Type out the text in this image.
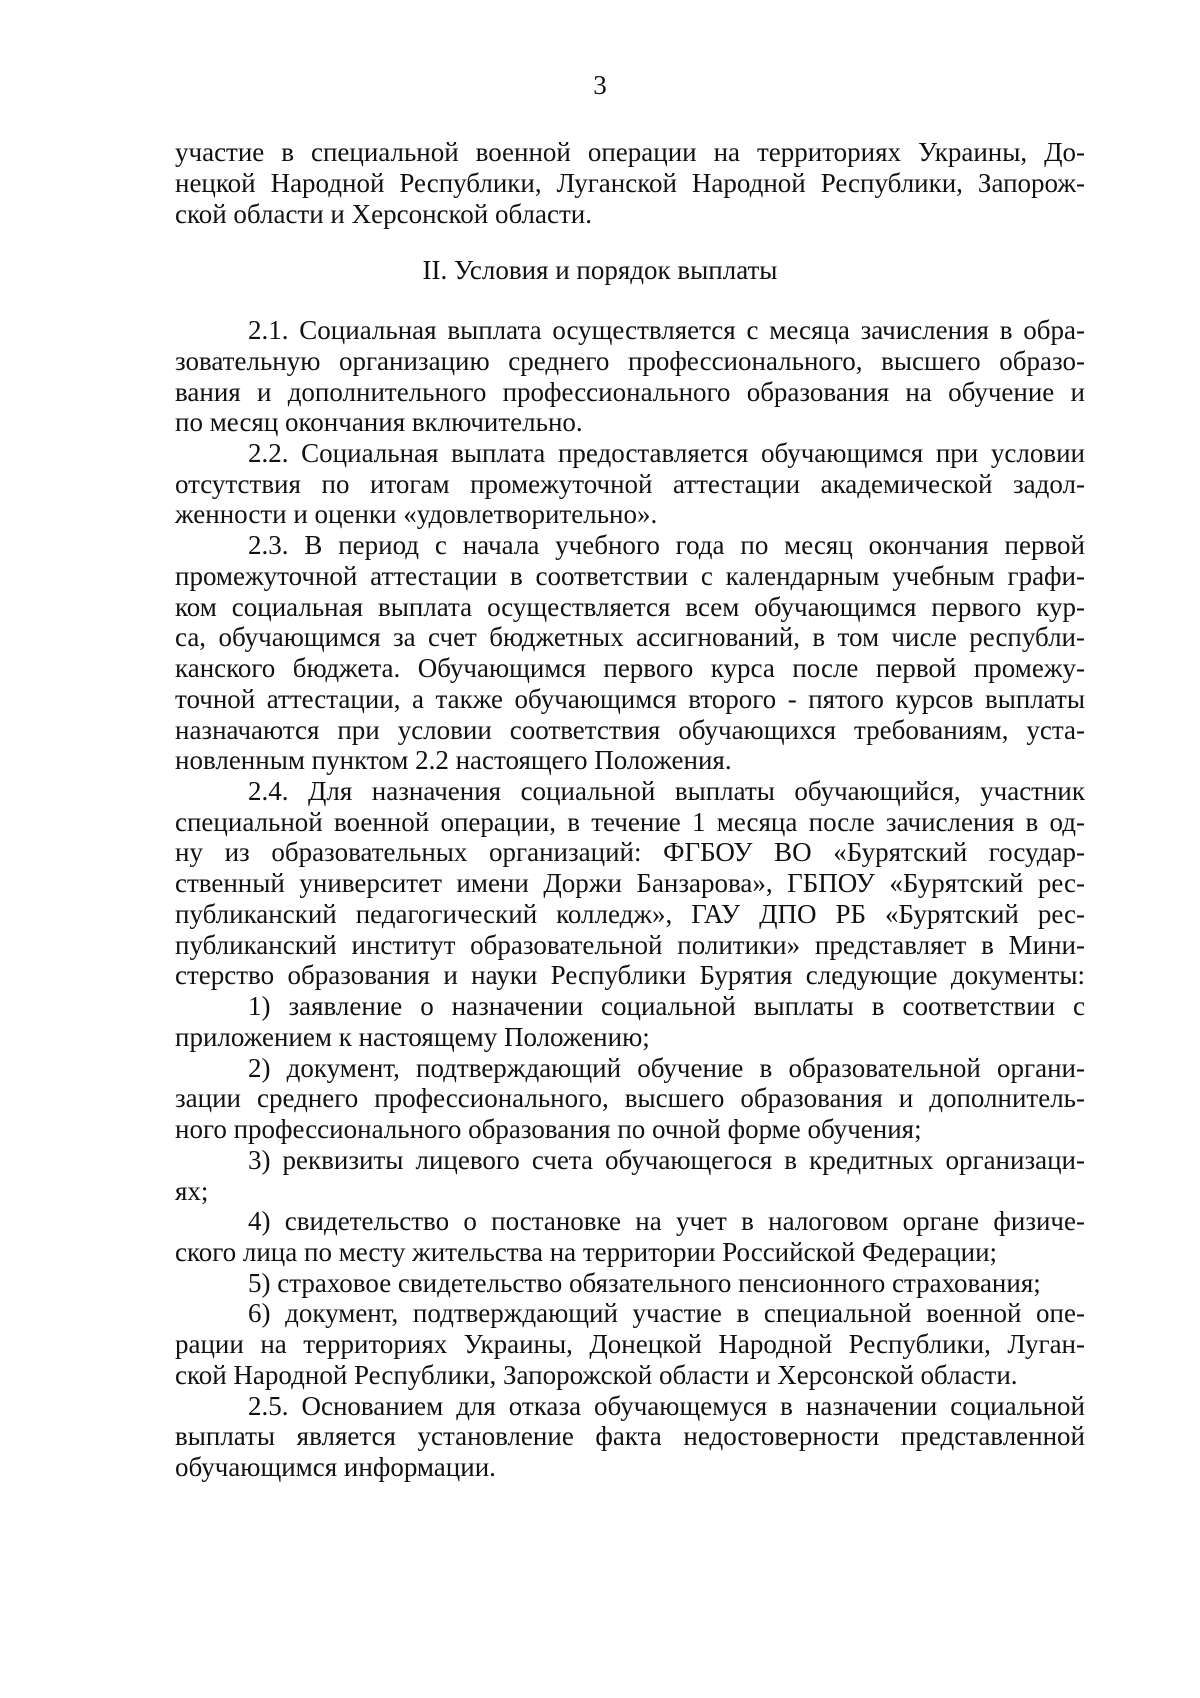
3
участие в специальной военной операции на территориях Украины, До-
нецкой Народной Республики, Луганской Народной Республики, Запорож-
ской области и Херсонской области.
II. Условия и порядок выплаты
2.1. Социальная выплата осуществляется с месяца зачисления в обра-
зовательную организацию среднего профессионального, высшего образо-
вания и дополнительного профессионального образования на обучение и
по месяц окончания включительно.
2.2. Социальная выплата предоставляется обучающимся при условии
отсутствия по итогам промежуточной аттестации академической задол-
женности и оценки «удовлетворительно».
2.3. В период с начала учебного года по месяц окончания первой
промежуточной аттестации в соответствии с календарным учебным графи-
ком социальная выплата осуществляется всем обучающимся первого кур-
са, обучающимся за счет бюджетных ассигнований, в том числе республи-
канского бюджета. Обучающимся первого курса после первой промежу-
точной аттестации, а также обучающимся второго - пятого курсов выплаты
назначаются при условии соответствия обучающихся требованиям, уста-
новленным пунктом 2.2 настоящего Положения.
2.4. Для назначения социальной выплаты обучающийся, участник
специальной военной операции, в течение 1 месяца после зачисления в од-
ну из образовательных организаций: ФГБОУ ВО «Бурятский государ-
ственный университет имени Доржи Банзарова», ГБПОУ «Бурятский рес-
публиканский педагогический колледж», ГАУ ДПО РБ «Бурятский рес-
публиканский институт образовательной политики» представляет в Мини-
стерство образования и науки Республики Бурятия следующие документы:
1) заявление о назначении социальной выплаты в соответствии с
приложением к настоящему Положению;
2) документ, подтверждающий обучение в образовательной органи-
зации среднего профессионального, высшего образования и дополнитель-
ного профессионального образования по очной форме обучения;
3) реквизиты лицевого счета обучающегося в кредитных организаци-
ях;
4) свидетельство о постановке на учет в налоговом органе физиче-
ского лица по месту жительства на территории Российской Федерации;
5) страховое свидетельство обязательного пенсионного страхования;
6) документ, подтверждающий участие в специальной военной опе-
рации на территориях Украины, Донецкой Народной Республики, Луган-
ской Народной Республики, Запорожской области и Херсонской области.
2.5. Основанием для отказа обучающемуся в назначении социальной
выплаты является установление факта недостоверности представленной
обучающимся информации.
